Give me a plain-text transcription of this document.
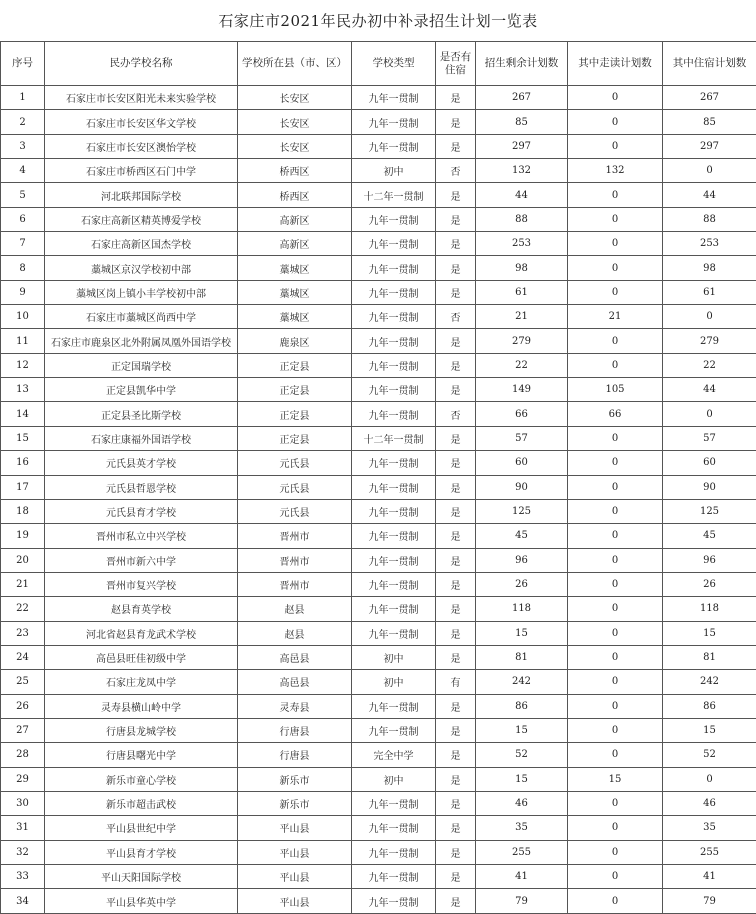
石家庄市2021年民办初中补录招生计划一览表
序号	民办学校名称	学校所在县（市、区）	学校类型	是否有住宿	招生剩余计划数	其中走读计划数	其中住宿计划数
1	石家庄市长安区阳光未来实验学校	长安区	九年一贯制	是	267	0	267
2	石家庄市长安区华文学校	长安区	九年一贯制	是	85	0	85
3	石家庄市长安区澳怡学校	长安区	九年一贯制	是	297	0	297
4	石家庄市桥西区石门中学	桥西区	初中	否	132	132	0
5	河北联邦国际学校	桥西区	十二年一贯制	是	44	0	44
6	石家庄高新区精英博爱学校	高新区	九年一贯制	是	88	0	88
7	石家庄高新区国杰学校	高新区	九年一贯制	是	253	0	253
8	藁城区京汉学校初中部	藁城区	九年一贯制	是	98	0	98
9	藁城区岗上镇小丰学校初中部	藁城区	九年一贯制	是	61	0	61
10	石家庄市藁城区尚西中学	藁城区	九年一贯制	否	21	21	0
11	石家庄市鹿泉区北外附属凤凰外国语学校	鹿泉区	九年一贯制	是	279	0	279
12	正定国瑞学校	正定县	九年一贯制	是	22	0	22
13	正定县凯华中学	正定县	九年一贯制	是	149	105	44
14	正定县圣比斯学校	正定县	九年一贯制	否	66	66	0
15	石家庄康福外国语学校	正定县	十二年一贯制	是	57	0	57
16	元氏县英才学校	元氏县	九年一贯制	是	60	0	60
17	元氏县哲恩学校	元氏县	九年一贯制	是	90	0	90
18	元氏县育才学校	元氏县	九年一贯制	是	125	0	125
19	晋州市私立中兴学校	晋州市	九年一贯制	是	45	0	45
20	晋州市新六中学	晋州市	九年一贯制	是	96	0	96
21	晋州市复兴学校	晋州市	九年一贯制	是	26	0	26
22	赵县育英学校	赵县	九年一贯制	是	118	0	118
23	河北省赵县育龙武术学校	赵县	九年一贯制	是	15	0	15
24	高邑县旺佳初级中学	高邑县	初中	是	81	0	81
25	石家庄龙凤中学	高邑县	初中	有	242	0	242
26	灵寿县横山岭中学	灵寿县	九年一贯制	是	86	0	86
27	行唐县龙城学校	行唐县	九年一贯制	是	15	0	15
28	行唐县曙光中学	行唐县	完全中学	是	52	0	52
29	新乐市童心学校	新乐市	初中	是	15	15	0
30	新乐市超击武校	新乐市	九年一贯制	是	46	0	46
31	平山县世纪中学	平山县	九年一贯制	是	35	0	35
32	平山县育才学校	平山县	九年一贯制	是	255	0	255
33	平山天阳国际学校	平山县	九年一贯制	是	41	0	41
34	平山县华英中学	平山县	九年一贯制	是	79	0	79
